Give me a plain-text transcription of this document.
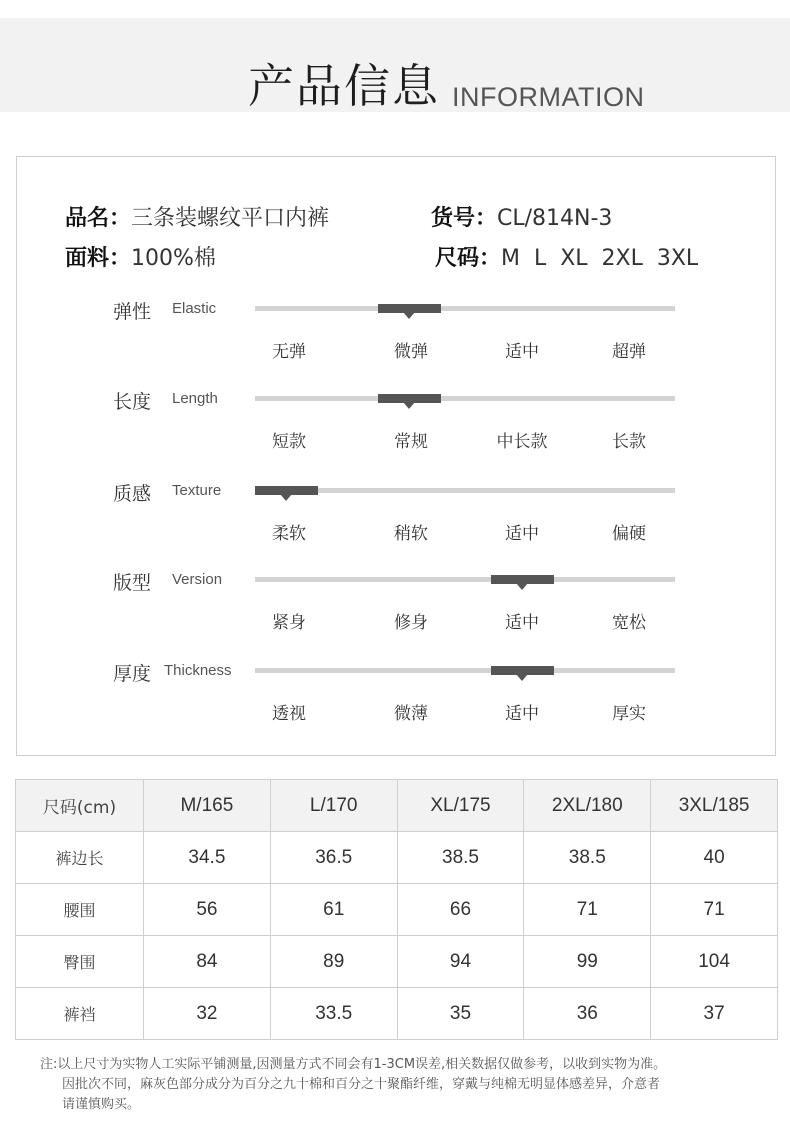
产品信息 INFORMATION
品名：三条装螺纹平口内裤	货号：CL/814N-3
面料：100%棉	尺码：M  L  XL  2XL  3XL
弹性 Elastic
无弹	微弹	适中	超弹
长度 Length
短款	常规	中长款	长款
质感 Texture
柔软	稍软	适中	偏硬
版型 Version
紧身	修身	适中	宽松
厚度 Thickness
透视	微薄	适中	厚实
尺码(cm)	M/165	L/170	XL/175	2XL/180	3XL/185
裤边长	34.5	36.5	38.5	38.5	40
腰围	56	61	66	71	71
臀围	84	89	94	99	104
裤裆	32	33.5	35	36	37
注:以上尺寸为实物人工实际平铺测量,因测量方式不同会有1-3CM误差,相关数据仅做参考，以收到实物为准。
因批次不同，麻灰色部分成分为百分之九十棉和百分之十聚酯纤维，穿戴与纯棉无明显体感差异，介意者
请谨慎购买。
